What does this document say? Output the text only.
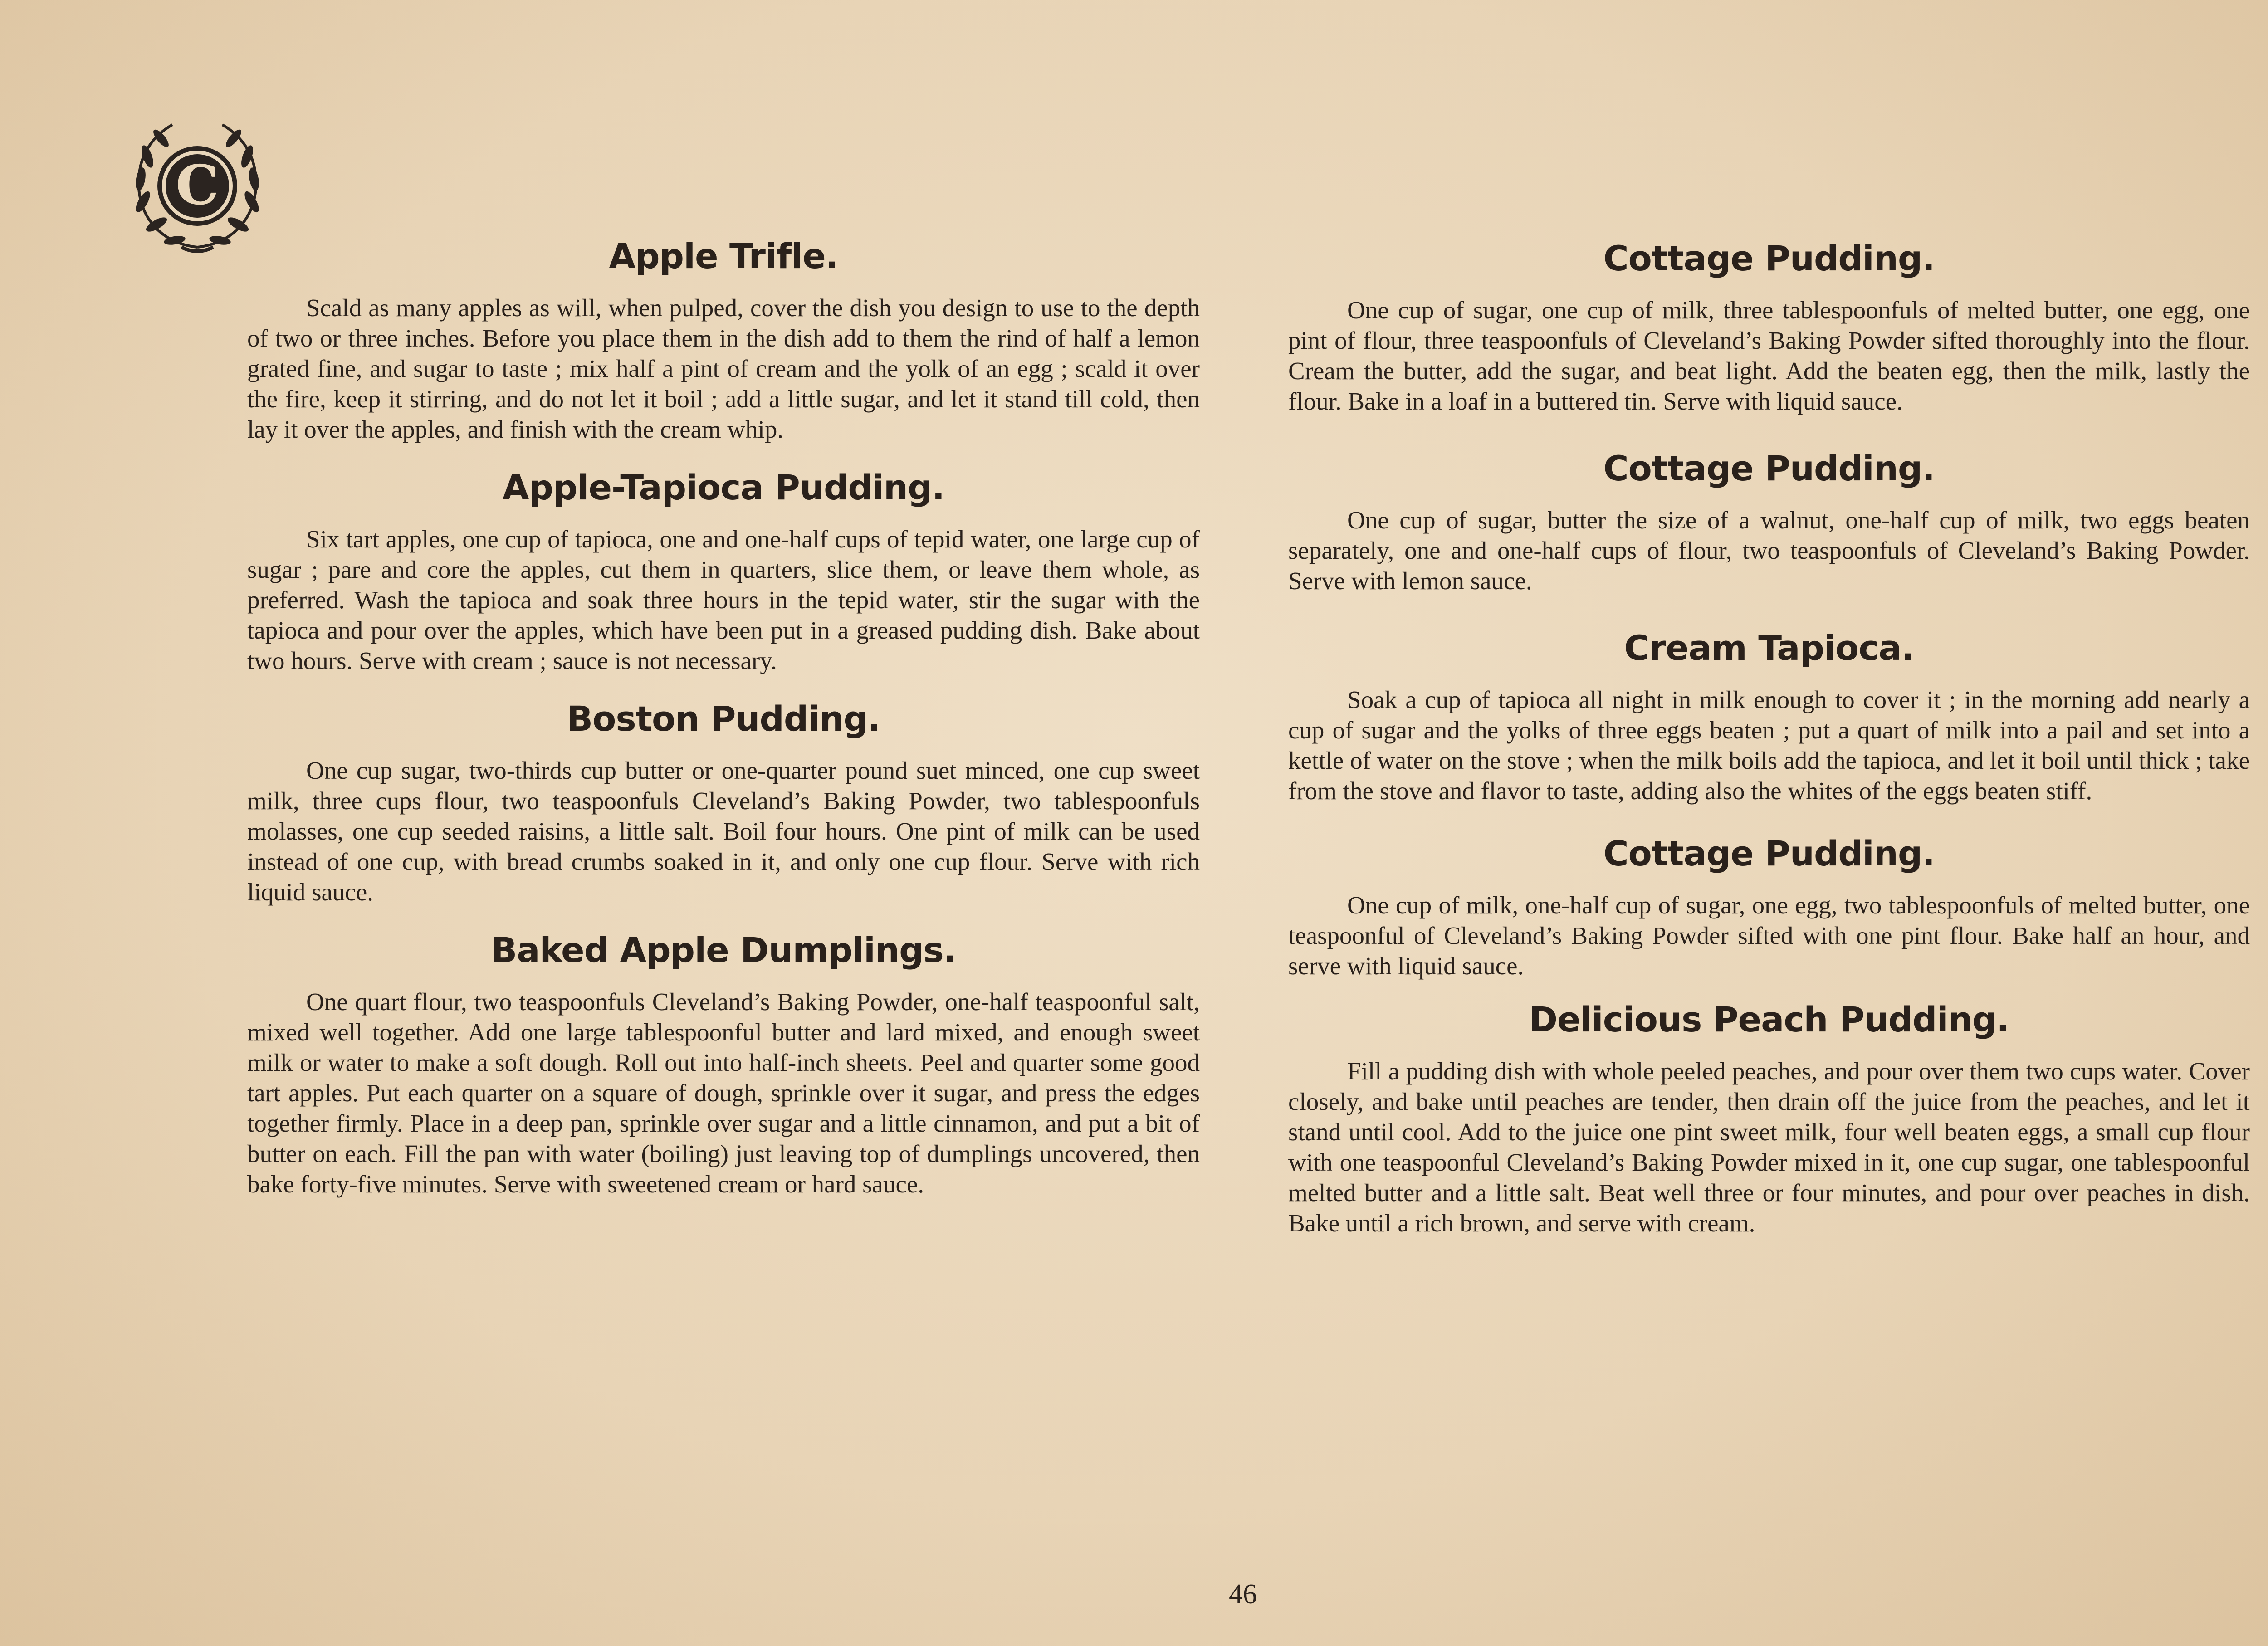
C
Apple Trifle.

Scald as many apples as will, when pulped, cover the dish you design to use to the depth of two or three inches. Before you place them in the dish add to them the rind of half a lemon grated fine, and sugar to taste ; mix half a pint of cream and the yolk of an egg ; scald it over the fire, keep it stirring, and do not let it boil ; add a little sugar, and let it stand till cold, then lay it over the apples, and finish with the cream whip.

Apple-Tapioca Pudding.

Six tart apples, one cup of tapioca, one and one-half cups of tepid water, one large cup of sugar ; pare and core the apples, cut them in quarters, slice them, or leave them whole, as preferred. Wash the tapioca and soak three hours in the tepid water, stir the sugar with the tapioca and pour over the apples, which have been put in a greased pudding dish. Bake about two hours. Serve with cream ; sauce is not necessary.

Boston Pudding.

One cup sugar, two-thirds cup butter or one-quarter pound suet minced, one cup sweet milk, three cups flour, two teaspoonfuls Cleveland’s Baking Powder, two tablespoonfuls molasses, one cup seeded raisins, a little salt. Boil four hours. One pint of milk can be used instead of one cup, with bread crumbs soaked in it, and only one cup flour. Serve with rich liquid sauce.

Baked Apple Dumplings.

One quart flour, two teaspoonfuls Cleveland’s Baking Powder, one-half teaspoonful salt, mixed well together. Add one large tablespoonful butter and lard mixed, and enough sweet milk or water to make a soft dough. Roll out into half-inch sheets. Peel and quarter some good tart apples. Put each quarter on a square of dough, sprinkle over it sugar, and press the edges together firmly. Place in a deep pan, sprinkle over sugar and a little cinnamon, and put a bit of butter on each. Fill the pan with water (boiling) just leaving top of dumplings uncovered, then bake forty-five minutes. Serve with sweetened cream or hard sauce.

Cottage Pudding.

One cup of sugar, one cup of milk, three tablespoonfuls of melted butter, one egg, one pint of flour, three teaspoonfuls of Cleveland’s Baking Powder sifted thoroughly into the flour. Cream the butter, add the sugar, and beat light. Add the beaten egg, then the milk, lastly the flour. Bake in a loaf in a buttered tin. Serve with liquid sauce.

Cottage Pudding.

One cup of sugar, butter the size of a walnut, one-half cup of milk, two eggs beaten separately, one and one-half cups of flour, two teaspoonfuls of Cleveland’s Baking Powder. Serve with lemon sauce.

Cream Tapioca.

Soak a cup of tapioca all night in milk enough to cover it ; in the morning add nearly a cup of sugar and the yolks of three eggs beaten ; put a quart of milk into a pail and set into a kettle of water on the stove ; when the milk boils add the tapioca, and let it boil until thick ; take from the stove and flavor to taste, adding also the whites of the eggs beaten stiff.

Cottage Pudding.

One cup of milk, one-half cup of sugar, one egg, two tablespoonfuls of melted butter, one teaspoonful of Cleveland’s Baking Powder sifted with one pint flour. Bake half an hour, and serve with liquid sauce.

Delicious Peach Pudding.

Fill a pudding dish with whole peeled peaches, and pour over them two cups water. Cover closely, and bake until peaches are tender, then drain off the juice from the peaches, and let it stand until cool. Add to the juice one pint sweet milk, four well beaten eggs, a small cup flour with one teaspoonful Cleveland’s Baking Powder mixed in it, one cup sugar, one tablespoonful melted butter and a little salt. Beat well three or four minutes, and pour over peaches in dish. Bake until a rich brown, and serve with cream.

46
